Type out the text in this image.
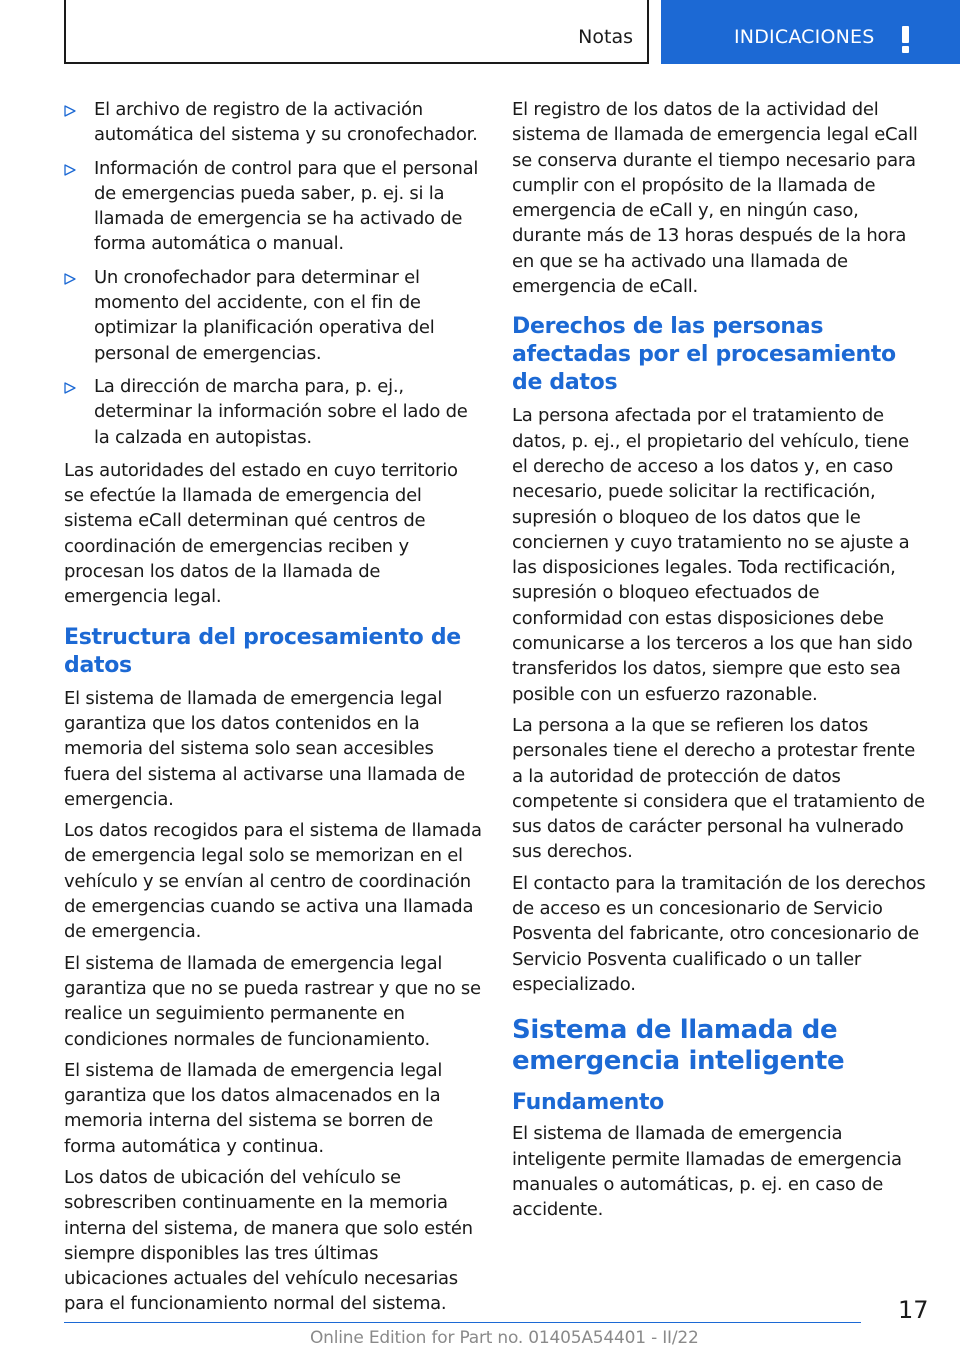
Notas	INDICACIONES
El archivo de registro de la activación automática del sistema y su cronofechador.
Información de control para que el personal de emergencias pueda saber, p. ej. si la llamada de emergencia se ha activado de forma automática o manual.
Un cronofechador para determinar el momento del accidente, con el fin de optimizar la planificación operativa del personal de emergencias.
La dirección de marcha para, p. ej., determinar la información sobre el lado de la calzada en autopistas.

Las autoridades del estado en cuyo territorio se efectúe la llamada de emergencia del sistema eCall determinan qué centros de coordinación de emergencias reciben y procesan los datos de la llamada de emergencia legal.

Estructura del procesamiento de datos

El sistema de llamada de emergencia legal garantiza que los datos contenidos en la memoria del sistema solo sean accesibles fuera del sistema al activarse una llamada de emergencia.

Los datos recogidos para el sistema de llamada de emergencia legal solo se memorizan en el vehículo y se envían al centro de coordinación de emergencias cuando se activa una llamada de emergencia.

El sistema de llamada de emergencia legal garantiza que no se pueda rastrear y que no se realice un seguimiento permanente en condiciones normales de funcionamiento.

El sistema de llamada de emergencia legal garantiza que los datos almacenados en la memoria interna del sistema se borren de forma automática y continua.

Los datos de ubicación del vehículo se sobrescriben continuamente en la memoria interna del sistema, de manera que solo estén siempre disponibles las tres últimas ubicaciones actuales del vehículo necesarias para el funcionamiento normal del sistema.

El registro de los datos de la actividad del sistema de llamada de emergencia legal eCall se conserva durante el tiempo necesario para cumplir con el propósito de la llamada de emergencia de eCall y, en ningún caso, durante más de 13 horas después de la hora en que se ha activado una llamada de emergencia de eCall.

Derechos de las personas afectadas por el procesamiento de datos

La persona afectada por el tratamiento de datos, p. ej., el propietario del vehículo, tiene el derecho de acceso a los datos y, en caso necesario, puede solicitar la rectificación, supresión o bloqueo de los datos que le conciernen y cuyo tratamiento no se ajuste a las disposiciones legales. Toda rectificación, supresión o bloqueo efectuados de conformidad con estas disposiciones debe comunicarse a los terceros a los que han sido transferidos los datos, siempre que esto sea posible con un esfuerzo razonable.

La persona a la que se refieren los datos personales tiene el derecho a protestar frente a la autoridad de protección de datos competente si considera que el tratamiento de sus datos de carácter personal ha vulnerado sus derechos.

El contacto para la tramitación de los derechos de acceso es un concesionario de Servicio Posventa del fabricante, otro concesionario de Servicio Posventa cualificado o un taller especializado.

Sistema de llamada de emergencia inteligente
Fundamento

El sistema de llamada de emergencia inteligente permite llamadas de emergencia manuales o automáticas, p. ej. en caso de accidente.

17
Online Edition for Part no. 01405A54401 - II/22
